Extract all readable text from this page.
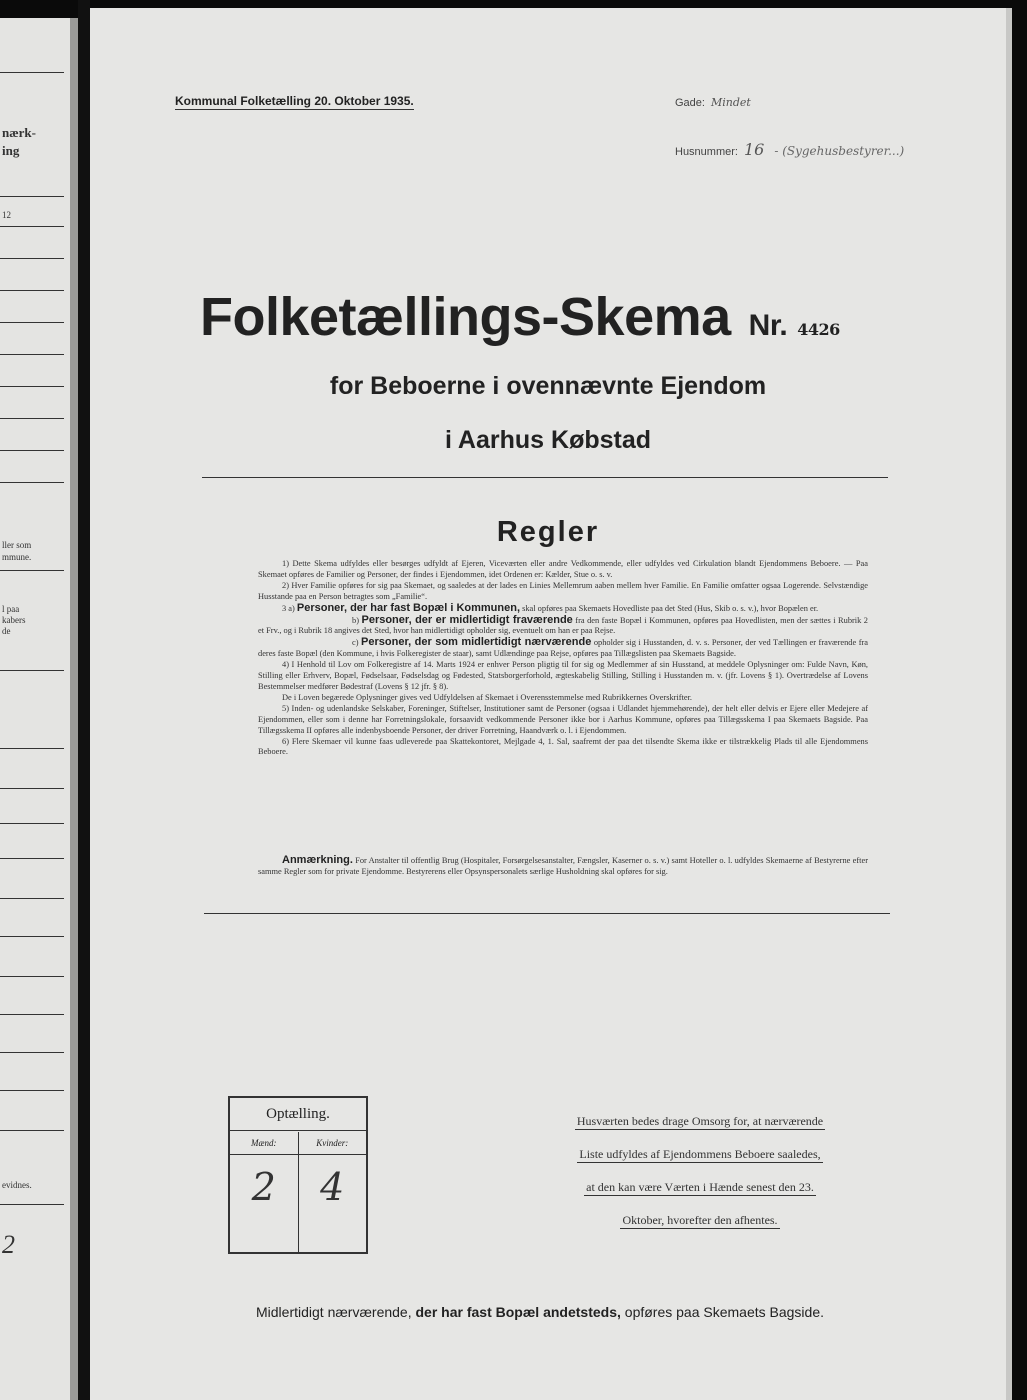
nærk-
ing
12
ller som
mmune.
l paa
kabers
de
evidnes.
2
Kommunal Folketælling 20. Oktober 1935.	Gade: Mindet
Husnummer: 16 - (Sygehusbestyrer...)
Folketællings-Skema Nr. 4426
for Beboerne i ovennævnte Ejendom
i Aarhus Købstad
Regler

1) Dette Skema udfyldes eller besørges udfyldt af Ejeren, Viceværten eller andre Vedkommende, eller udfyldes ved Cirkulation blandt Ejendommens Beboere. — Paa Skemaet opføres de Familier og Personer, der findes i Ejendommen, idet Ordenen er: Kælder, Stue o. s. v.

2) Hver Familie opføres for sig paa Skemaet, og saaledes at der lades en Linies Mellemrum aaben mellem hver Familie. En Familie omfatter ogsaa Logerende. Selvstændige Husstande paa en Person betragtes som „Familie“.

3 a) Personer, der har fast Bopæl i Kommunen, skal opføres paa Skemaets Hovedliste paa det Sted (Hus, Skib o. s. v.), hvor Bopælen er.

b) Personer, der er midlertidigt fraværende fra den faste Bopæl i Kommunen, opføres paa Hovedlisten, men der sættes i Rubrik 2 et Frv., og i Rubrik 18 angives det Sted, hvor han midlertidigt opholder sig, eventuelt om han er paa Rejse.

c) Personer, der som midlertidigt nærværende opholder sig i Husstanden, d. v. s. Personer, der ved Tællingen er fraværende fra deres faste Bopæl (den Kommune, i hvis Folkeregister de staar), samt Udlændinge paa Rejse, opføres paa Tillægslisten paa Skemaets Bagside.

4) I Henhold til Lov om Folkeregistre af 14. Marts 1924 er enhver Person pligtig til for sig og Medlemmer af sin Husstand, at meddele Oplysninger om: Fulde Navn, Køn, Stilling eller Erhverv, Bopæl, Fødselsaar, Fødselsdag og Fødested, Statsborgerforhold, ægteskabelig Stilling, Stilling i Husstanden m. v. (jfr. Lovens § 1). Overtrædelse af Lovens Bestemmelser medfører Bødestraf (Lovens § 12 jfr. § 8).

De i Loven begærede Oplysninger gives ved Udfyldelsen af Skemaet i Overensstemmelse med Rubrikkernes Overskrifter.

5) Inden- og udenlandske Selskaber, Foreninger, Stiftelser, Institutioner samt de Personer (ogsaa i Udlandet hjemmehørende), der helt eller delvis er Ejere eller Medejere af Ejendommen, eller som i denne har Forretningslokale, forsaavidt vedkommende Personer ikke bor i Aarhus Kommune, opføres paa Tillægsskema I paa Skemaets Bagside. Paa Tillægsskema II opføres alle indenbysboende Personer, der driver Forretning, Haandværk o. l. i Ejendommen.

6) Flere Skemaer vil kunne faas udleverede paa Skattekontoret, Mejlgade 4, 1. Sal, saafremt der paa det tilsendte Skema ikke er tilstrækkelig Plads til alle Ejendommens Beboere.

Anmærkning. For Anstalter til offentlig Brug (Hospitaler, Forsørgelsesanstalter, Fængsler, Kaserner o. s. v.) samt Hoteller o. l. udfyldes Skemaerne af Bestyrerne efter samme Regler som for private Ejendomme. Bestyrerens eller Opsynspersonalets særlige Husholdning skal opføres for sig.
Optælling.
Mænd:
2
Kvinder:
4
Husværten bedes drage Omsorg for, at nærværende
Liste udfyldes af Ejendommens Beboere saaledes,
at den kan være Værten i Hænde senest den 23.
Oktober, hvorefter den afhentes.
Midlertidigt nærværende, der har fast Bopæl andetsteds, opføres paa Skemaets Bagside.
